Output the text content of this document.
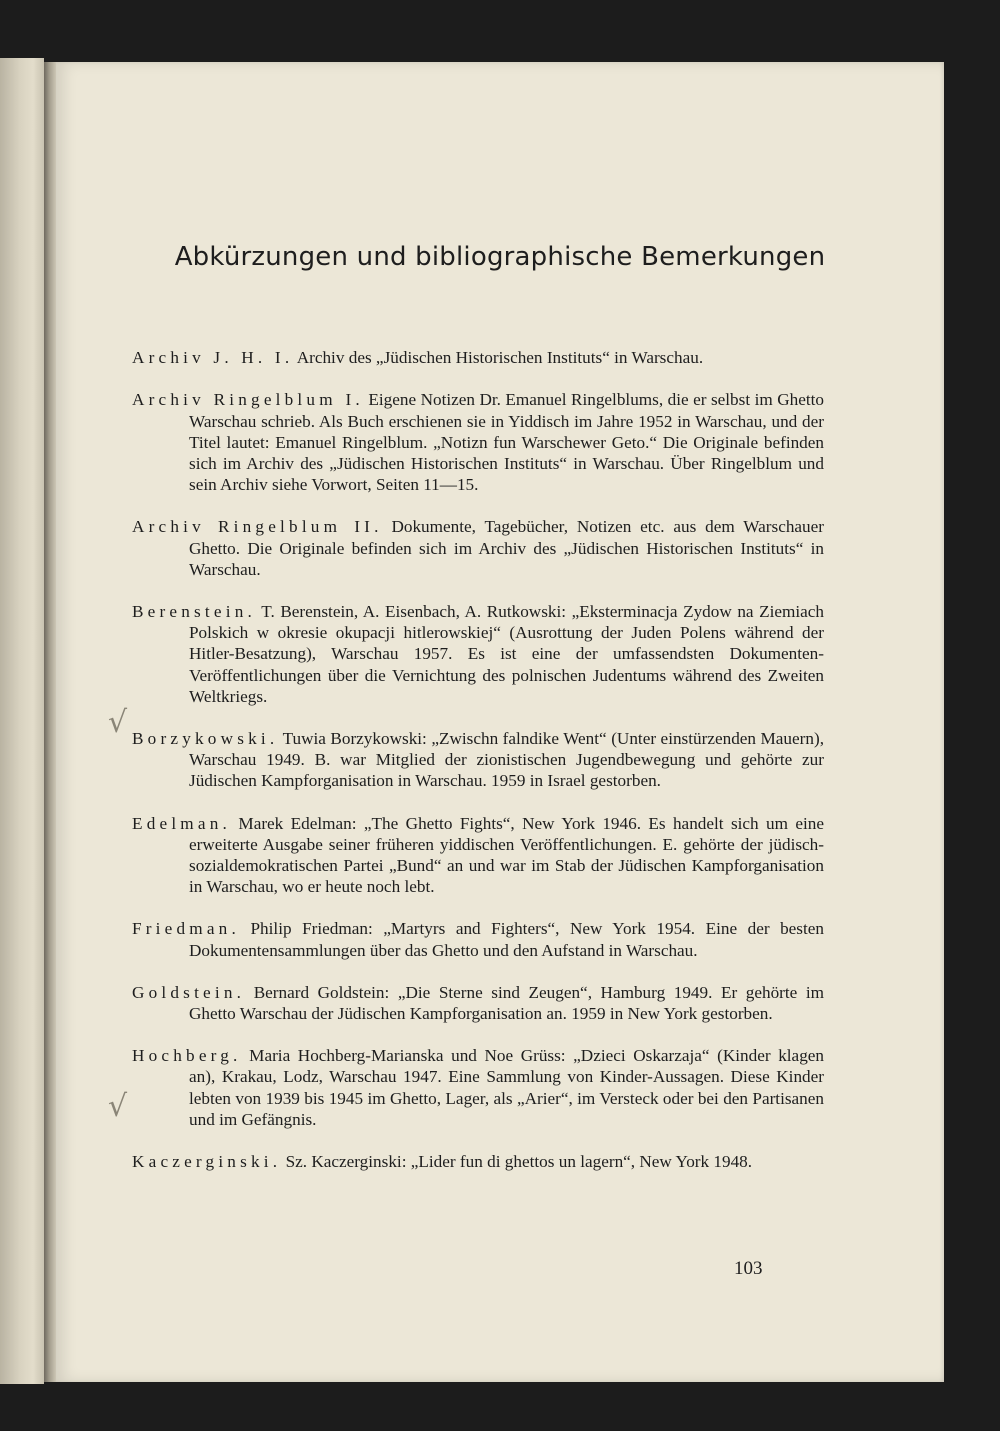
Abkürzungen und bibliographische Bemerkungen

Archiv J. H. I. Archiv des „Jüdischen Historischen Instituts“ in Warschau.

Archiv Ringelblum I. Eigene Notizen Dr. Emanuel Ringelblums, die er selbst im Ghetto Warschau schrieb. Als Buch erschienen sie in Yiddisch im Jahre 1952 in Warschau, und der Titel lautet: Emanuel Ringelblum. „Notizn fun Warschewer Geto.“ Die Originale befinden sich im Archiv des „Jüdischen Historischen Instituts“ in Warschau. Über Ringelblum und sein Archiv siehe Vorwort, Seiten 11—15.

Archiv Ringelblum II. Dokumente, Tagebücher, Notizen etc. aus dem Warschauer Ghetto. Die Originale befinden sich im Archiv des „Jüdischen Historischen Instituts“ in Warschau.

Berenstein. T. Berenstein, A. Eisenbach, A. Rutkowski: „Eksterminacja Zydow na Ziemiach Polskich w okresie okupacji hitlerowskiej“ (Ausrottung der Juden Polens während der Hitler-Besatzung), Warschau 1957. Es ist eine der umfassendsten Dokumenten-Veröffentlichungen über die Vernichtung des polnischen Judentums während des Zweiten Weltkriegs.

Borzykowski. Tuwia Borzykowski: „Zwischn falndike Went“ (Unter einstürzenden Mauern), Warschau 1949. B. war Mitglied der zionistischen Jugendbewegung und gehörte zur Jüdischen Kampforganisation in Warschau. 1959 in Israel gestorben.

Edelman. Marek Edelman: „The Ghetto Fights“, New York 1946. Es handelt sich um eine erweiterte Ausgabe seiner früheren yiddischen Veröffentlichungen. E. gehörte der jüdisch-sozialdemokratischen Partei „Bund“ an und war im Stab der Jüdischen Kampforganisation in Warschau, wo er heute noch lebt.

Friedman. Philip Friedman: „Martyrs and Fighters“, New York 1954. Eine der besten Dokumentensammlungen über das Ghetto und den Aufstand in Warschau.

Goldstein. Bernard Goldstein: „Die Sterne sind Zeugen“, Hamburg 1949. Er gehörte im Ghetto Warschau der Jüdischen Kampforganisation an. 1959 in New York gestorben.

Hochberg. Maria Hochberg-Marianska und Noe Grüss: „Dzieci Oskarzaja“ (Kinder klagen an), Krakau, Lodz, Warschau 1947. Eine Sammlung von Kinder-Aussagen. Diese Kinder lebten von 1939 bis 1945 im Ghetto, Lager, als „Arier“, im Versteck oder bei den Partisanen und im Gefängnis.

Kaczerginski. Sz. Kaczerginski: „Lider fun di ghettos un lagern“, New York 1948.

√
√
103
